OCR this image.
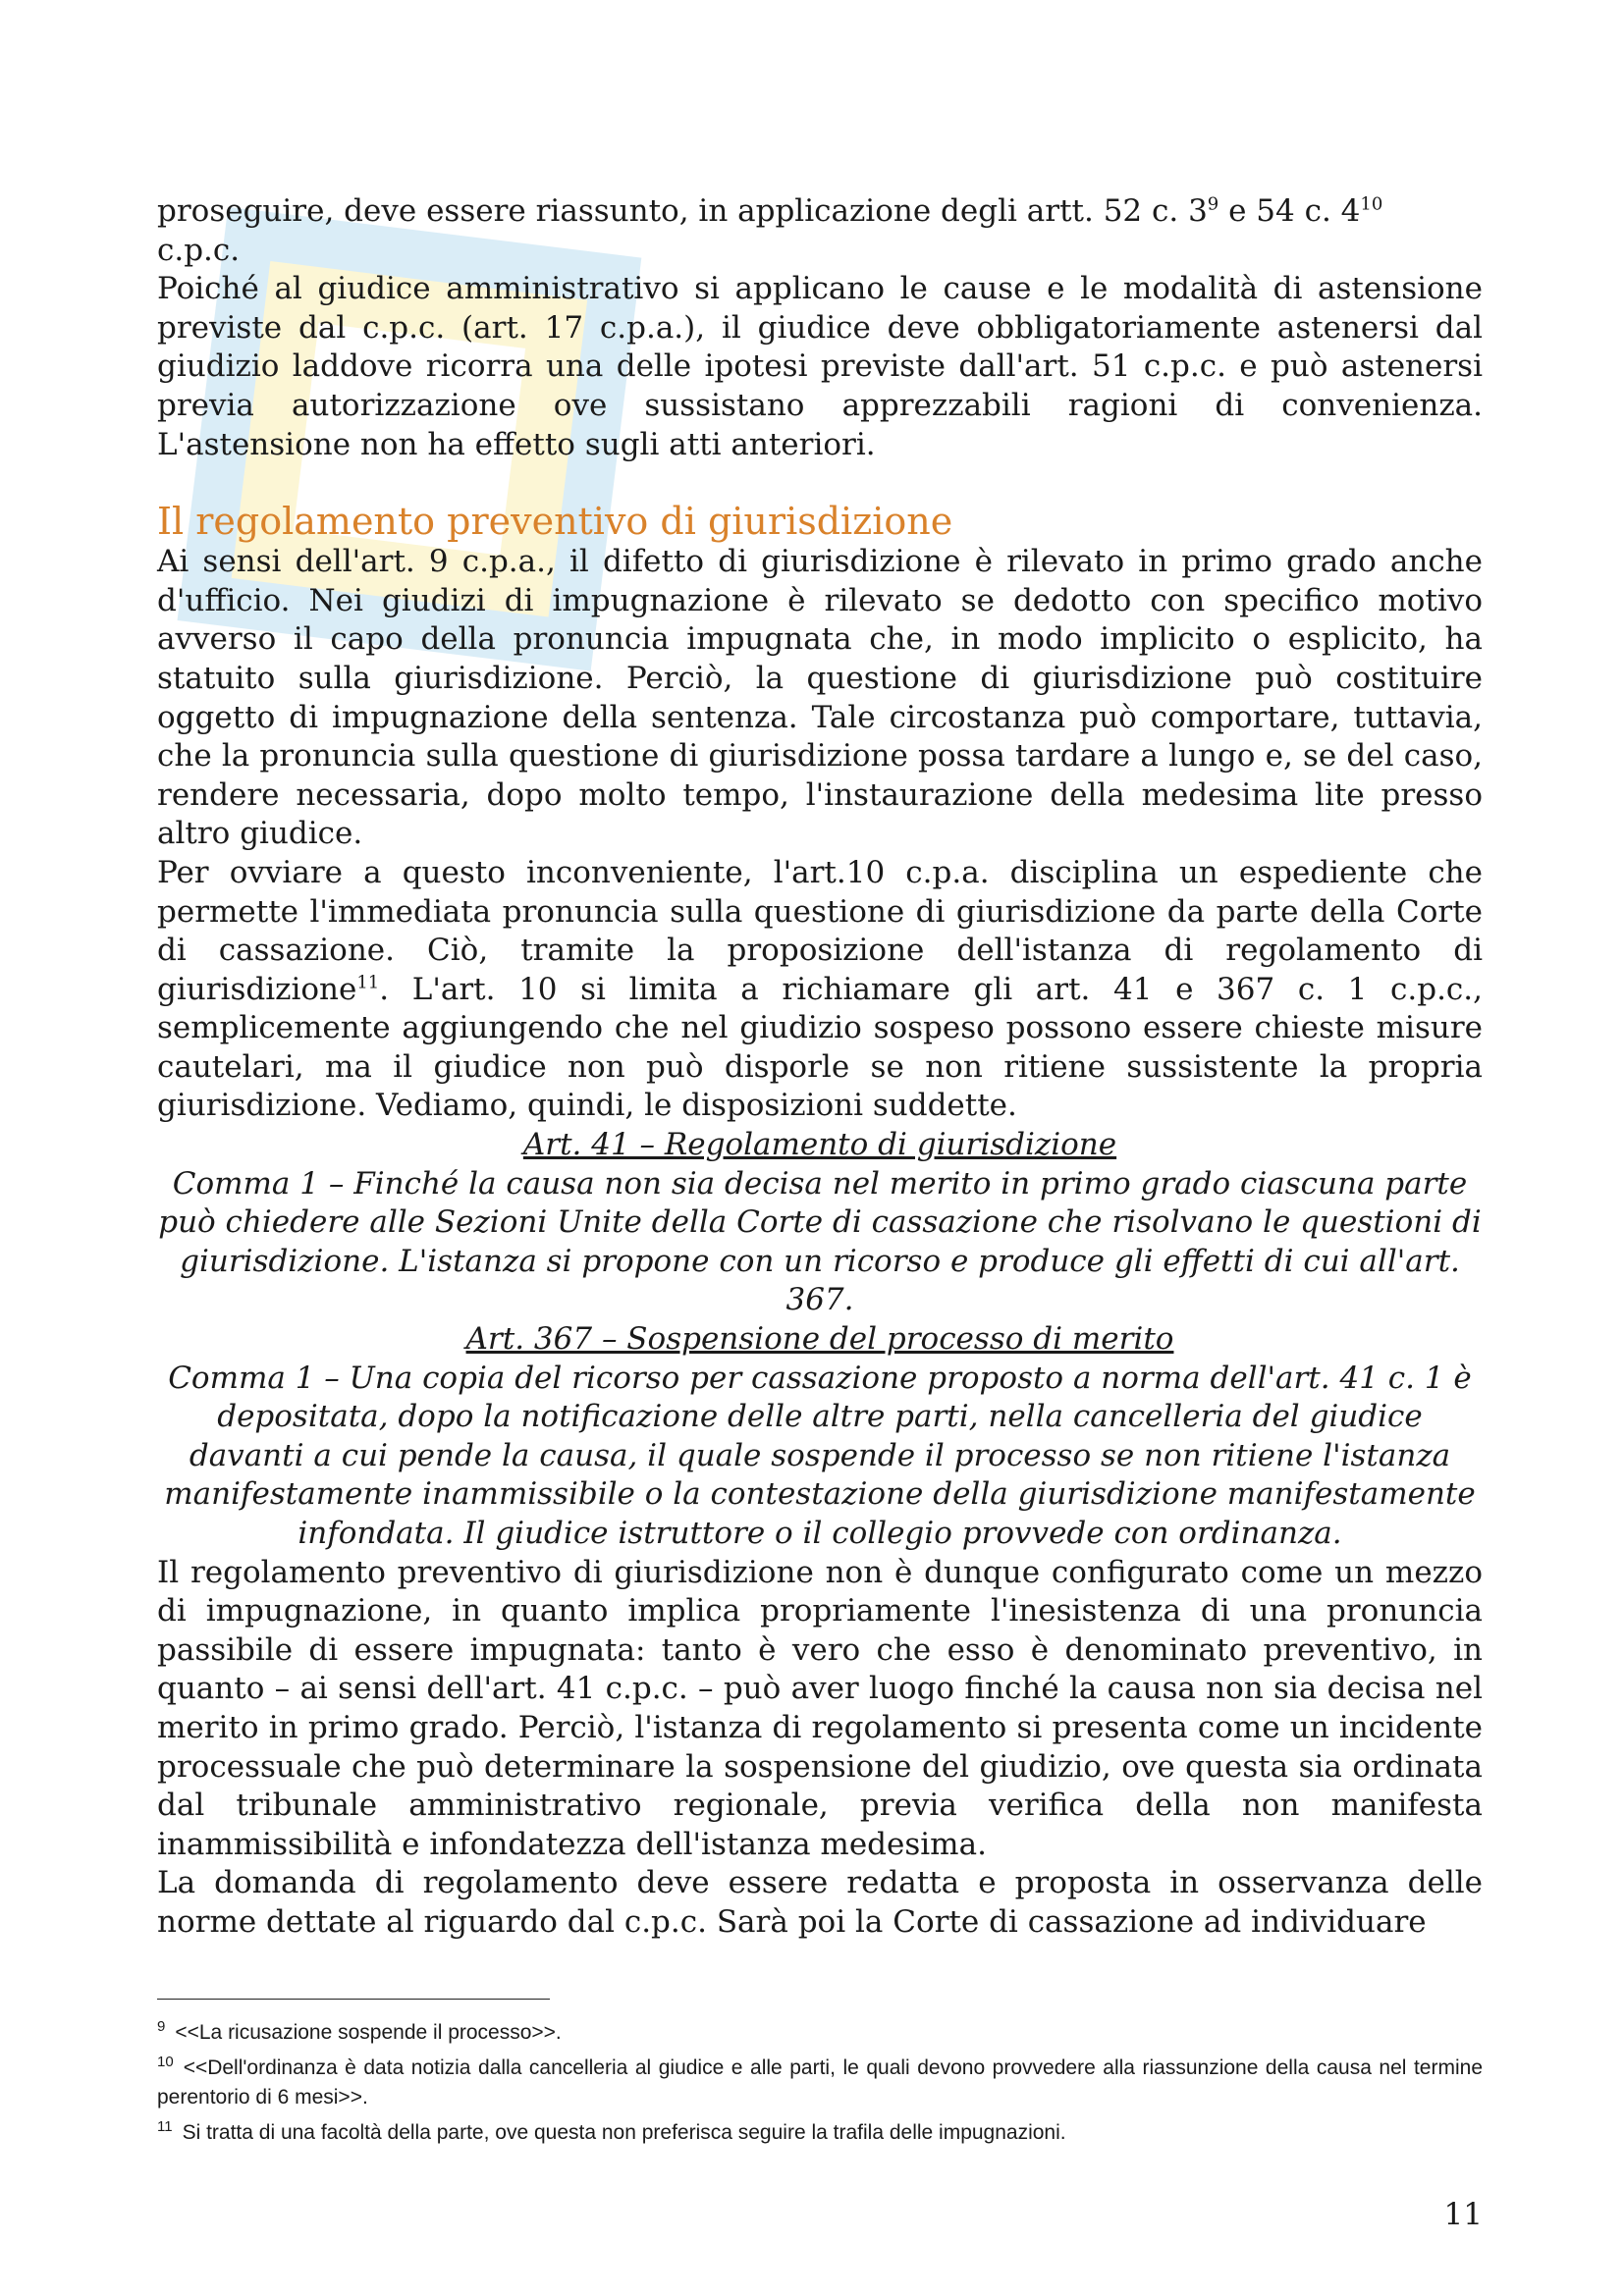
proseguire, deve essere riassunto, in applicazione degli artt. 52 c. $3^9$ e 54 c. $4^{10}$
c.p.c.

Poiché al giudice amministrativo si applicano le cause e le modalità di astensione previste dal c.p.c. (art. 17 c.p.a.), il giudice deve obbligatoriamente astenersi dal giudizio laddove ricorra una delle ipotesi previste dall'art. 51 c.p.c. e può astenersi previa autorizzazione ove sussistano apprezzabili ragioni di convenienza. L'astensione non ha effetto sugli atti anteriori.

Il regolamento preventivo di giurisdizione

Ai sensi dell'art. 9 c.p.a., il difetto di giurisdizione è rilevato in primo grado anche d'ufficio. Nei giudizi di impugnazione è rilevato se dedotto con specifico motivo avverso il capo della pronuncia impugnata che, in modo implicito o esplicito, ha statuito sulla giurisdizione. Perciò, la questione di giurisdizione può costituire oggetto di impugnazione della sentenza. Tale circostanza può comportare, tuttavia, che la pronuncia sulla questione di giurisdizione possa tardare a lungo e, se del caso, rendere necessaria, dopo molto tempo, l'instaurazione della medesima lite presso altro giudice.

Per ovviare a questo inconveniente, l'art.10 c.p.a. disciplina un espediente che permette l'immediata pronuncia sulla questione di giurisdizione da parte della Corte di cassazione. Ciò, tramite la proposizione dell'istanza di regolamento di giurisdizione$^{11}$. L'art. 10 si limita a richiamare gli art. 41 e 367 c. 1 c.p.c., semplicemente aggiungendo che nel giudizio sospeso possono essere chieste misure cautelari, ma il giudice non può disporle se non ritiene sussistente la propria giurisdizione. Vediamo, quindi, le disposizioni suddette.

Art. 41 – Regolamento di giurisdizione

Comma 1 – Finché la causa non sia decisa nel merito in primo grado ciascuna parte può chiedere alle Sezioni Unite della Corte di cassazione che risolvano le questioni di giurisdizione. L'istanza si propone con un ricorso e produce gli effetti di cui all'art. 367.

Art. 367 – Sospensione del processo di merito

Comma 1 – Una copia del ricorso per cassazione proposto a norma dell'art. 41 c. 1 è depositata, dopo la notificazione delle altre parti, nella cancelleria del giudice davanti a cui pende la causa, il quale sospende il processo se non ritiene l'istanza manifestamente inammissibile o la contestazione della giurisdizione manifestamente infondata. Il giudice istruttore o il collegio provvede con ordinanza.

Il regolamento preventivo di giurisdizione non è dunque configurato come un mezzo di impugnazione, in quanto implica propriamente l'inesistenza di una pronuncia passibile di essere impugnata: tanto è vero che esso è denominato preventivo, in quanto – ai sensi dell'art. 41 c.p.c. – può aver luogo finché la causa non sia decisa nel merito in primo grado. Perciò, l'istanza di regolamento si presenta come un incidente processuale che può determinare la sospensione del giudizio, ove questa sia ordinata dal tribunale amministrativo regionale, previa verifica della non manifesta inammissibilità e infondatezza dell'istanza medesima.

La domanda di regolamento deve essere redatta e proposta in osservanza delle norme dettate al riguardo dal c.p.c. Sarà poi la Corte di cassazione ad individuare

$^9$ <<La ricusazione sospende il processo>>.

$^{10}$ <<Dell'ordinanza è data notizia dalla cancelleria al giudice e alle parti, le quali devono provvedere alla riassunzione della causa nel termine perentorio di 6 mesi>>.

$^{11}$ Si tratta di una facoltà della parte, ove questa non preferisca seguire la trafila delle impugnazioni.

11
